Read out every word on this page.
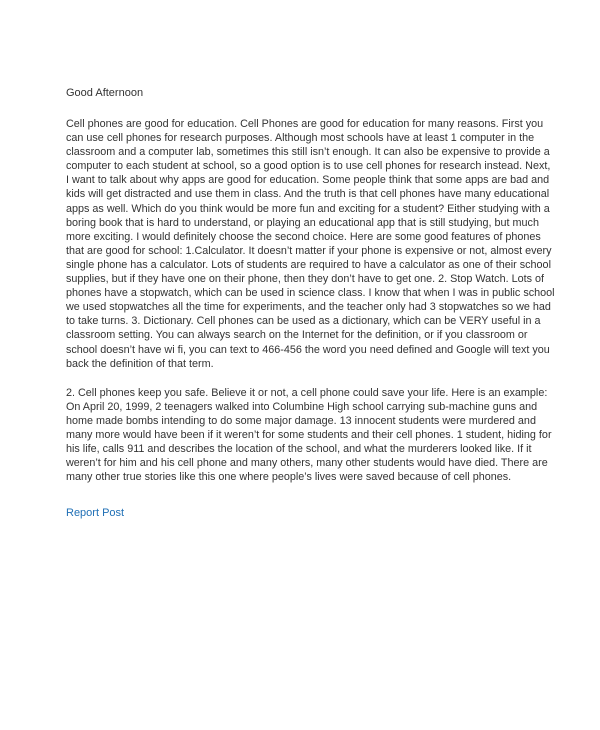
Good Afternoon

Cell phones are good for education. Cell Phones are good for education for many reasons. First you can use cell phones for research purposes. Although most schools have at least 1 computer in the classroom and a computer lab, sometimes this still isn’t enough. It can also be expensive to provide a computer to each student at school, so a good option is to use cell phones for research instead. Next, I want to talk about why apps are good for education. Some people think that some apps are bad and kids will get distracted and use them in class. And the truth is that cell phones have many educational apps as well. Which do you think would be more fun and exciting for a student? Either studying with a boring book that is hard to understand, or playing an educational app that is still studying, but much more exciting. I would definitely choose the second choice. Here are some good features of phones that are good for school: 1.Calculator. It doesn’t matter if your phone is expensive or not, almost every single phone has a calculator. Lots of students are required to have a calculator as one of their school supplies, but if they have one on their phone, then they don’t have to get one. 2. Stop Watch. Lots of phones have a stopwatch, which can be used in science class. I know that when I was in public school we used stopwatches all the time for experiments, and the teacher only had 3 stopwatches so we had to take turns. 3. Dictionary. Cell phones can be used as a dictionary, which can be VERY useful in a classroom setting. You can always search on the Internet for the definition, or if you classroom or school doesn’t have wi fi, you can text to 466-456 the word you need defined and Google will text you back the definition of that term.

2. Cell phones keep you safe. Believe it or not, a cell phone could save your life. Here is an example: On April 20, 1999, 2 teenagers walked into Columbine High school carrying sub-machine guns and home made bombs intending to do some major damage. 13 innocent students were murdered and many more would have been if it weren’t for some students and their cell phones. 1 student, hiding for his life, calls 911 and describes the location of the school, and what the murderers looked like. If it weren’t for him and his cell phone and many others, many other students would have died. There are many other true stories like this one where people’s lives were saved because of cell phones.

Report Post
